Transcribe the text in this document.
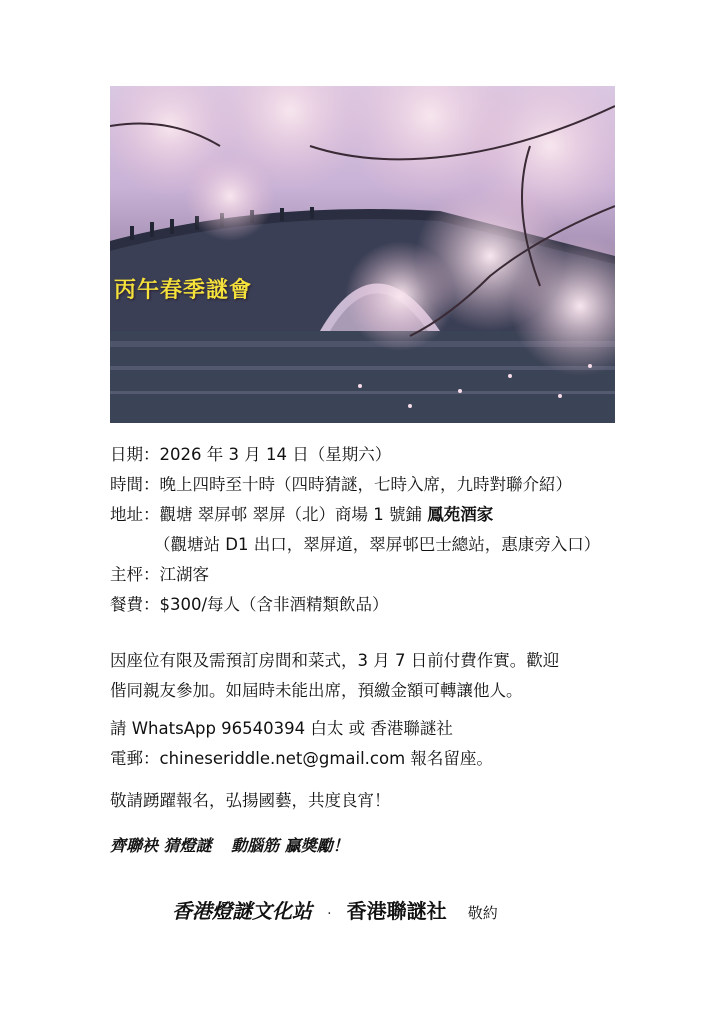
丙午春季謎會
日期：2026 年 3 月 14 日（星期六）
時間：晚上四時至十時（四時猜謎，七時入席，九時對聯介紹）
地址：觀塘 翠屏邨 翠屏（北）商場 1 號鋪 鳳苑酒家
（觀塘站 D1 出口，翠屏道，翠屏邨巴士總站，惠康旁入口）
主枰：江湖客
餐費：$300/每人（含非酒精類飲品）
因座位有限及需預訂房間和菜式，3 月 7 日前付費作實。歡迎
偕同親友參加。如屆時未能出席，預繳金額可轉讓他人。
請 WhatsApp 96540394 白太 或 香港聯謎社
電郵：chineseriddle.net@gmail.com 報名留座。
敬請踴躍報名，弘揚國藝，共度良宵！
齊聯袂 猜燈謎 動腦筋 贏獎勵！
香港燈謎文化站 · 香港聯謎社 敬約
